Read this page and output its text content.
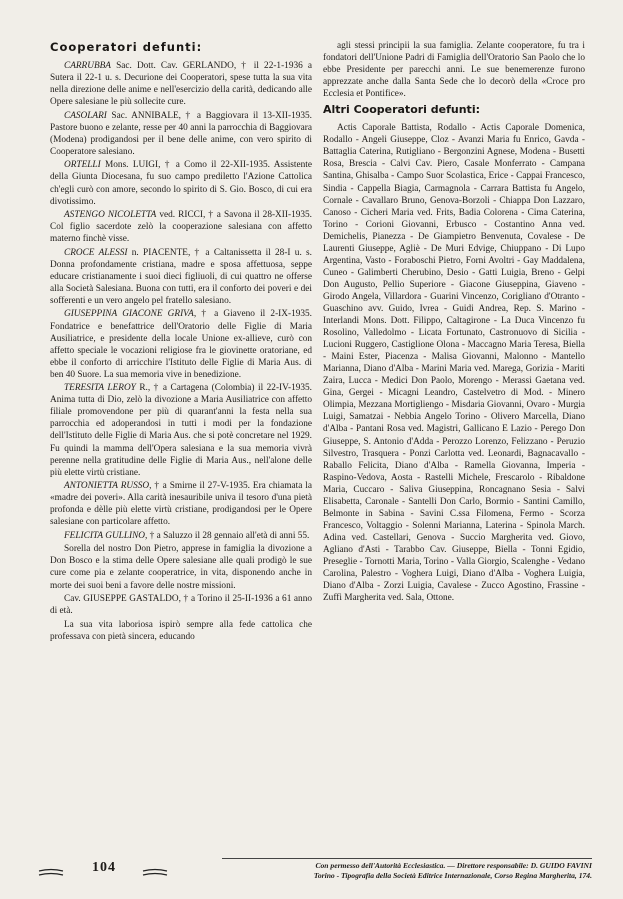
Cooperatori defunti:

CARRUBBA Sac. Dott. Cav. GERLANDO, † il 22-1-1936 a Sutera il 22-1 u. s. Decurione dei Cooperatori, spese tutta la sua vita nella direzione delle anime e nell'esercizio della carità, dedicando alle Opere salesiane le più sollecite cure.

CASOLARI Sac. ANNIBALE, † a Baggiovara il 13-XII-1935. Pastore buono e zelante, resse per 40 anni la parrocchia di Baggiovara (Modena) prodigandosi per il bene delle anime, con vero spirito di Cooperatore salesiano.

ORTELLI Mons. LUIGI, † a Como il 22-XII-1935. Assistente della Giunta Diocesana, fu suo campo prediletto l'Azione Cattolica ch'egli curò con amore, secondo lo spirito di S. Gio. Bosco, di cui era divotissimo.

ASTENGO NICOLETTA ved. RICCI, † a Savona il 28-XII-1935. Col figlio sacerdote zelò la cooperazione salesiana con affetto materno finchè visse.

CROCE ALESSI n. PIACENTE, † a Caltanissetta il 28-I u. s. Donna profondamente cristiana, madre e sposa affettuosa, seppe educare cristianamente i suoi dieci figliuoli, di cui quattro ne offerse alla Società Salesiana. Buona con tutti, era il conforto dei poveri e dei sofferenti e un vero angelo pel fratello salesiano.

GIUSEPPINA GIACONE GRIVA, † a Giaveno il 2-IX-1935. Fondatrice e benefattrice dell'Oratorio delle Figlie di Maria Ausiliatrice, e presidente della locale Unione ex-allieve, curò con affetto speciale le vocazioni religiose fra le giovinette oratoriane, ed ebbe il conforto di arricchire l'Istituto delle Figlie di Maria Aus. di ben 40 Suore. La sua memoria vive in benedizione.

TERESITA LEROY R., † a Cartagena (Colombia) il 22-IV-1935. Anima tutta di Dio, zelò la divozione a Maria Ausiliatrice con affetto filiale promovendone per più di quarant'anni la festa nella sua parrocchia ed adoperandosi in tutti i modi per la fondazione dell'Istituto delle Figlie di Maria Aus. che si potè concretare nel 1929. Fu quindi la mamma dell'Opera salesiana e la sua memoria vivrà perenne nella gratitudine delle Figlie di Maria Aus., nell'alone delle più elette virtù cristiane.

ANTONIETTA RUSSO, † a Smirne il 27-V-1935. Era chiamata la «madre dei poveri». Alla carità inesauribile univa il tesoro d'una pietà profonda e dèlle più elette virtù cristiane, prodigandosi per le Opere salesiane con particolare affetto.

FELICITA GULLINO, † a Saluzzo il 28 gennaio all'età di anni 55.

Sorella del nostro Don Pietro, apprese in famiglia la divozione a Don Bosco e la stima delle Opere salesiane alle quali prodigò le sue cure come pia e zelante cooperatrice, in vita, disponendo anche in morte dei suoi beni a favore delle nostre missioni.

Cav. GIUSEPPE GASTALDO, † a Torino il 25-II-1936 a 61 anno di età.

La sua vita laboriosa ispirò sempre alla fede cattolica che professava con pietà sincera, educando

agli stessi principii la sua famiglia. Zelante cooperatore, fu tra i fondatori dell'Unione Padri di Famiglia dell'Oratorio San Paolo che lo ebbe Presidente per parecchi anni. Le sue benemerenze furono apprezzate anche dalla Santa Sede che lo decorò della «Croce pro Ecclesia et Pontifice».

Altri Cooperatori defunti:

Actis Caporale Battista, Rodallo - Actis Caporale Domenica, Rodallo - Angeli Giuseppe, Cloz - Avanzi Maria fu Enrico, Gavda - Battaglia Caterina, Rutigliano - Bergonzini Agnese, Modena - Busetti Rosa, Brescia - Calvi Cav. Piero, Casale Monferrato - Campana Santina, Ghisalba - Campo Suor Scolastica, Erice - Cappai Francesco, Sindia - Cappella Biagia, Carmagnola - Carrara Battista fu Angelo, Cornale - Cavallaro Bruno, Genova-Borzoli - Chiappa Don Lazzaro, Canoso - Cicheri Maria ved. Frits, Badia Colorena - Cima Caterina, Torino - Corioni Giovanni, Erbusco - Costantino Anna ved. Demichelis, Pianezza - De Giampietro Benvenuta, Covalese - De Laurenti Giuseppe, Agliè - De Muri Edvige, Chiuppano - Di Lupo Argentina, Vasto - Foraboschi Pietro, Forni Avoltri - Gay Maddalena, Cuneo - Galimberti Cherubino, Desio - Gatti Luigia, Breno - Gelpi Don Augusto, Pellio Superiore - Giacone Giuseppina, Giaveno - Girodo Angela, Villardora - Guarini Vincenzo, Corigliano d'Otranto - Guaschino avv. Guido, Ivrea - Guidi Andrea, Rep. S. Marino - Interlandi Mons. Dott. Filippo, Caltagirone - La Duca Vincenzo fu Rosolino, Valledolmo - Licata Fortunato, Castronuovo di Sicilia - Lucioni Ruggero, Castiglione Olona - Maccagno Maria Teresa, Biella - Maini Ester, Piacenza - Malisa Giovanni, Malonno - Mantello Marianna, Diano d'Alba - Marini Maria ved. Marega, Gorizia - Mariti Zaira, Lucca - Medici Don Paolo, Morengo - Merassi Gaetana ved. Gina, Gergei - Micagni Leandro, Castelvetro di Mod. - Minero Olimpia, Mezzana Mortigliengo - Misdaria Giovanni, Ovaro - Murgia Luigi, Samatzai - Nebbia Angelo Torino - Olivero Marcella, Diano d'Alba - Pantani Rosa ved. Magistri, Gallicano E Lazio - Perego Don Giuseppe, S. Antonio d'Adda - Perozzo Lorenzo, Felizzano - Peruzio Silvestro, Trasquera - Ponzi Carlotta ved. Leonardi, Bagnacavallo - Raballo Felicita, Diano d'Alba - Ramella Giovanna, Imperia - Raspino-Vedova, Aosta - Rastelli Michele, Frescarolo - Ribaldone Maria, Cuccaro - Saliva Giuseppina, Roncagnano Sesia - Salvi Elisabetta, Caronale - Santelli Don Carlo, Bormio - Santini Camillo, Belmonte in Sabina - Savini C.ssa Filomena, Fermo - Scorza Francesco, Voltaggio - Solenni Marianna, Laterina - Spinola March. Adina ved. Castellari, Genova - Succio Margherita ved. Giovo, Agliano d'Asti - Tarabbo Cav. Giuseppe, Biella - Tonni Egidio, Preseglie - Tornotti Maria, Torino - Valla Giorgio, Scalenghe - Vedano Carolina, Palestro - Voghera Luigi, Diano d'Alba - Voghera Luigia, Diano d'Alba - Zorzi Luigia, Cavalese - Zucco Agostino, Frassine - Zuffi Margherita ved. Sala, Ottone.

104	Con permesso dell'Autorità Ecclesiastica. — Direttore responsabile: D. GUIDO FAVINI
Torino - Tipografia della Società Editrice Internazionale, Corso Regina Margherita, 174.
